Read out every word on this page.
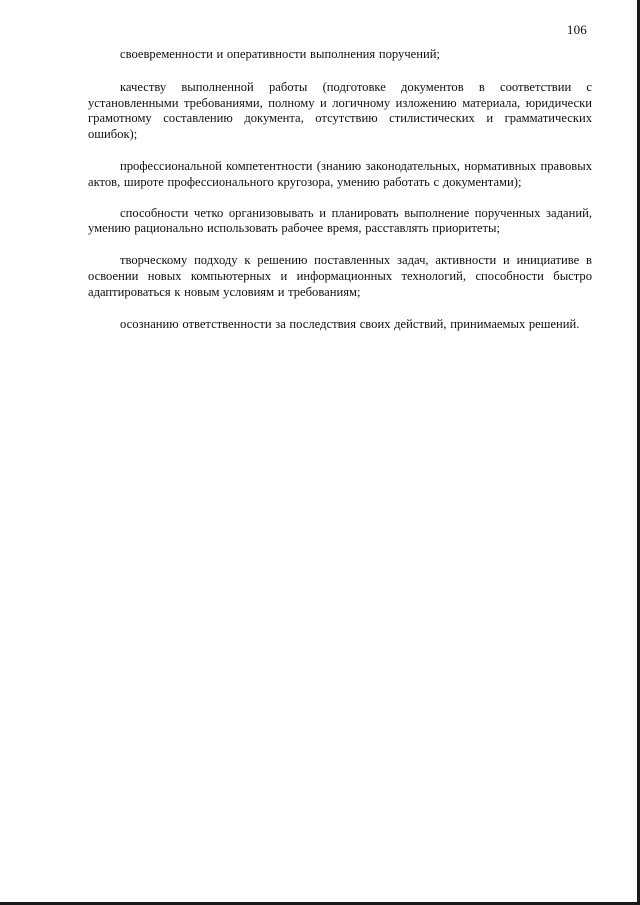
106

своевременности и оперативности выполнения поручений;

качеству выполненной работы (подготовке документов в соответствии с установленными требованиями, полному и логичному изложению материала, юридически грамотному составлению документа, отсутствию стилистических и грамматических ошибок);

профессиональной компетентности (знанию законодательных, нормативных правовых актов, широте профессионального кругозора, умению работать с документами);

способности четко организовывать и планировать выполнение порученных заданий, умению рационально использовать рабочее время, расставлять приоритеты;

творческому подходу к решению поставленных задач, активности и инициативе в освоении новых компьютерных и информационных технологий, способности быстро адаптироваться к новым условиям и требованиям;

осознанию ответственности за последствия своих действий, принимаемых решений.
